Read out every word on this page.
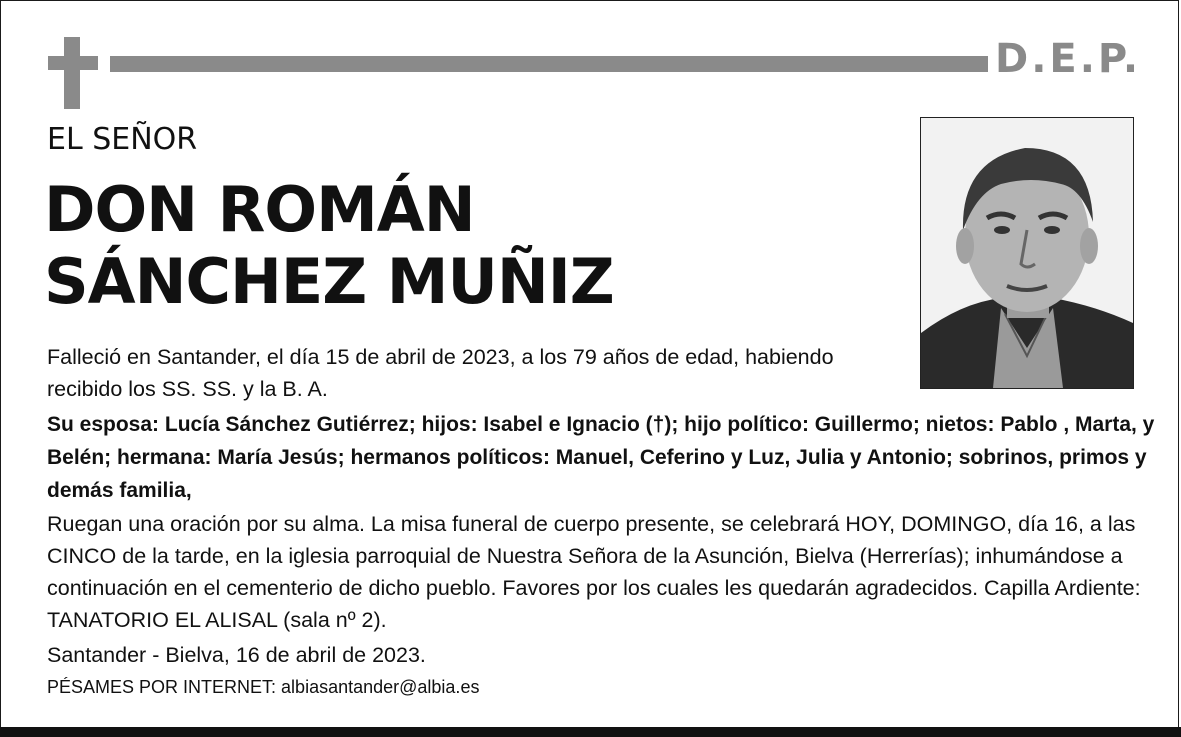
D.E.P.
EL SEÑOR
DON ROMÁN
SÁNCHEZ MUÑIZ

Falleció en Santander, el día 15 de abril de 2023, a los 79 años de edad, habiendo recibido los SS. SS. y la B. A.

Su esposa: Lucía Sánchez Gutiérrez; hijos: Isabel e Ignacio (†); hijo político: Guillermo; nietos: Pablo , Marta, y Belén; hermana: María Jesús; hermanos políticos: Manuel, Ceferino y Luz, Julia y Antonio; sobrinos, primos y demás familia,

Ruegan una oración por su alma. La misa funeral de cuerpo presente, se celebrará HOY, DOMINGO, día 16, a las CINCO de la tarde, en la iglesia parroquial de Nuestra Señora de la Asunción, Bielva (Herrerías); inhumándose a continuación en el cementerio de dicho pueblo. Favores por los cuales les quedarán agradecidos. Capilla Ardiente: TANATORIO EL ALISAL (sala nº 2).

Santander - Bielva, 16 de abril de 2023.

PÉSAMES POR INTERNET: albiasantander@albia.es
